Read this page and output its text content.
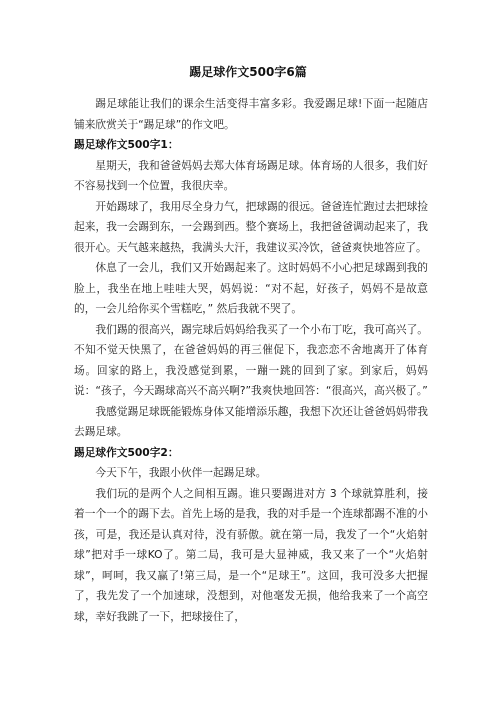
踢足球作文500字6篇

踢足球能让我们的课余生活变得丰富多彩。我爱踢足球!下面一起随店铺来欣赏关于“踢足球”的作文吧。

踢足球作文500字1：

星期天，我和爸爸妈妈去郑大体育场踢足球。体育场的人很多，我们好不容易找到一个位置，我很庆幸。

开始踢球了，我用尽全身力气，把球踢的很远。爸爸连忙跑过去把球捡起来，我一会踢到东，一会踢到西。整个赛场上，我把爸爸调动起来了，我很开心。天气越来越热，我满头大汗，我建议买冷饮，爸爸爽快地答应了。

休息了一会儿，我们又开始踢起来了。这时妈妈不小心把足球踢到我的脸上，我坐在地上哇哇大哭，妈妈说：“对不起，好孩子，妈妈不是故意的，一会儿给你买个雪糕吃，” 然后我就不哭了。

我们踢的很高兴，踢完球后妈妈给我买了一个小布丁吃，我可高兴了。不知不觉天快黑了，在爸爸妈妈的再三催促下，我恋恋不舍地离开了体育场。回家的路上，我没感觉到累，一蹦一跳的回到了家。到家后，妈妈说：“孩子，今天踢球高兴不高兴啊?”我爽快地回答：“很高兴，高兴极了。”

我感觉踢足球既能锻炼身体又能增添乐趣，我想下次还让爸爸妈妈带我去踢足球。

踢足球作文500字2：

今天下午，我跟小伙伴一起踢足球。

我们玩的是两个人之间相互踢。谁只要踢进对方 3 个球就算胜利，接着一个一个的踢下去。首先上场的是我，我的对手是一个连球都踢不准的小孩，可是，我还是认真对待，没有骄傲。就在第一局，我发了一个“火焰射球”把对手一球KO了。第二局，我可是大显神威，我又来了一个“火焰射球”，呵呵，我又赢了!第三局，是一个“足球王”。这回，我可没多大把握了，我先发了一个加速球，没想到，对他毫发无损，他给我来了一个高空球，幸好我跳了一下，把球接住了，
